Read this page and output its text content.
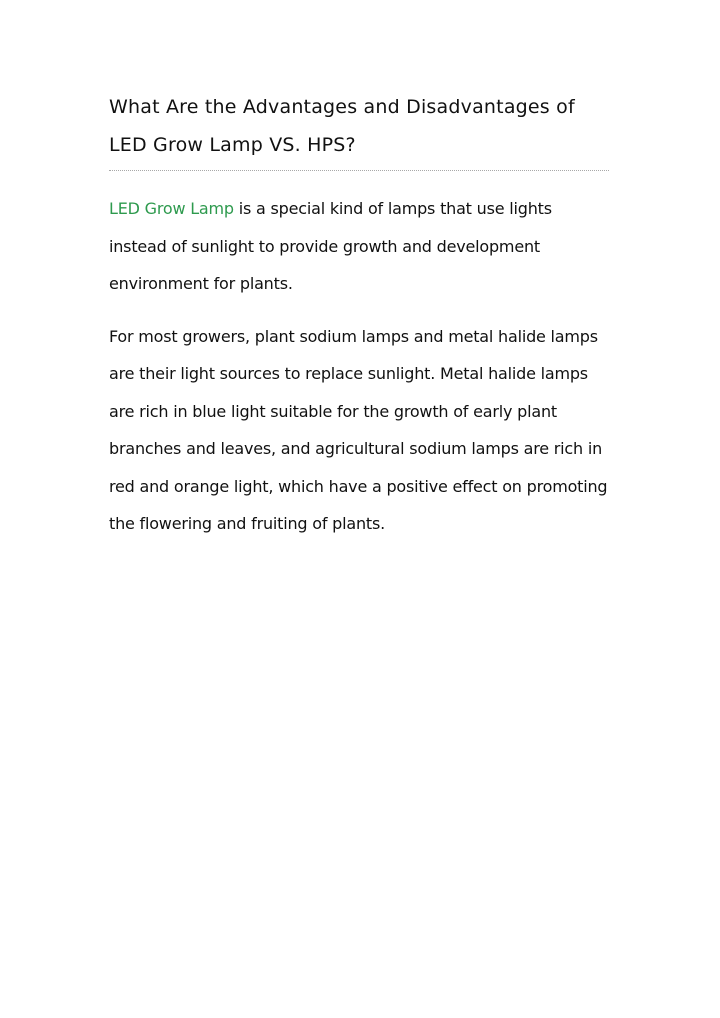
What Are the Advantages and Disadvantages of LED Grow Lamp VS. HPS?

LED Grow Lamp is a special kind of lamps that use lights instead of sunlight to provide growth and development environment for plants.

For most growers, plant sodium lamps and metal halide lamps are their light sources to replace sunlight. Metal halide lamps are rich in blue light suitable for the growth of early plant branches and leaves, and agricultural sodium lamps are rich in red and orange light, which have a positive effect on promoting the flowering and fruiting of plants.
